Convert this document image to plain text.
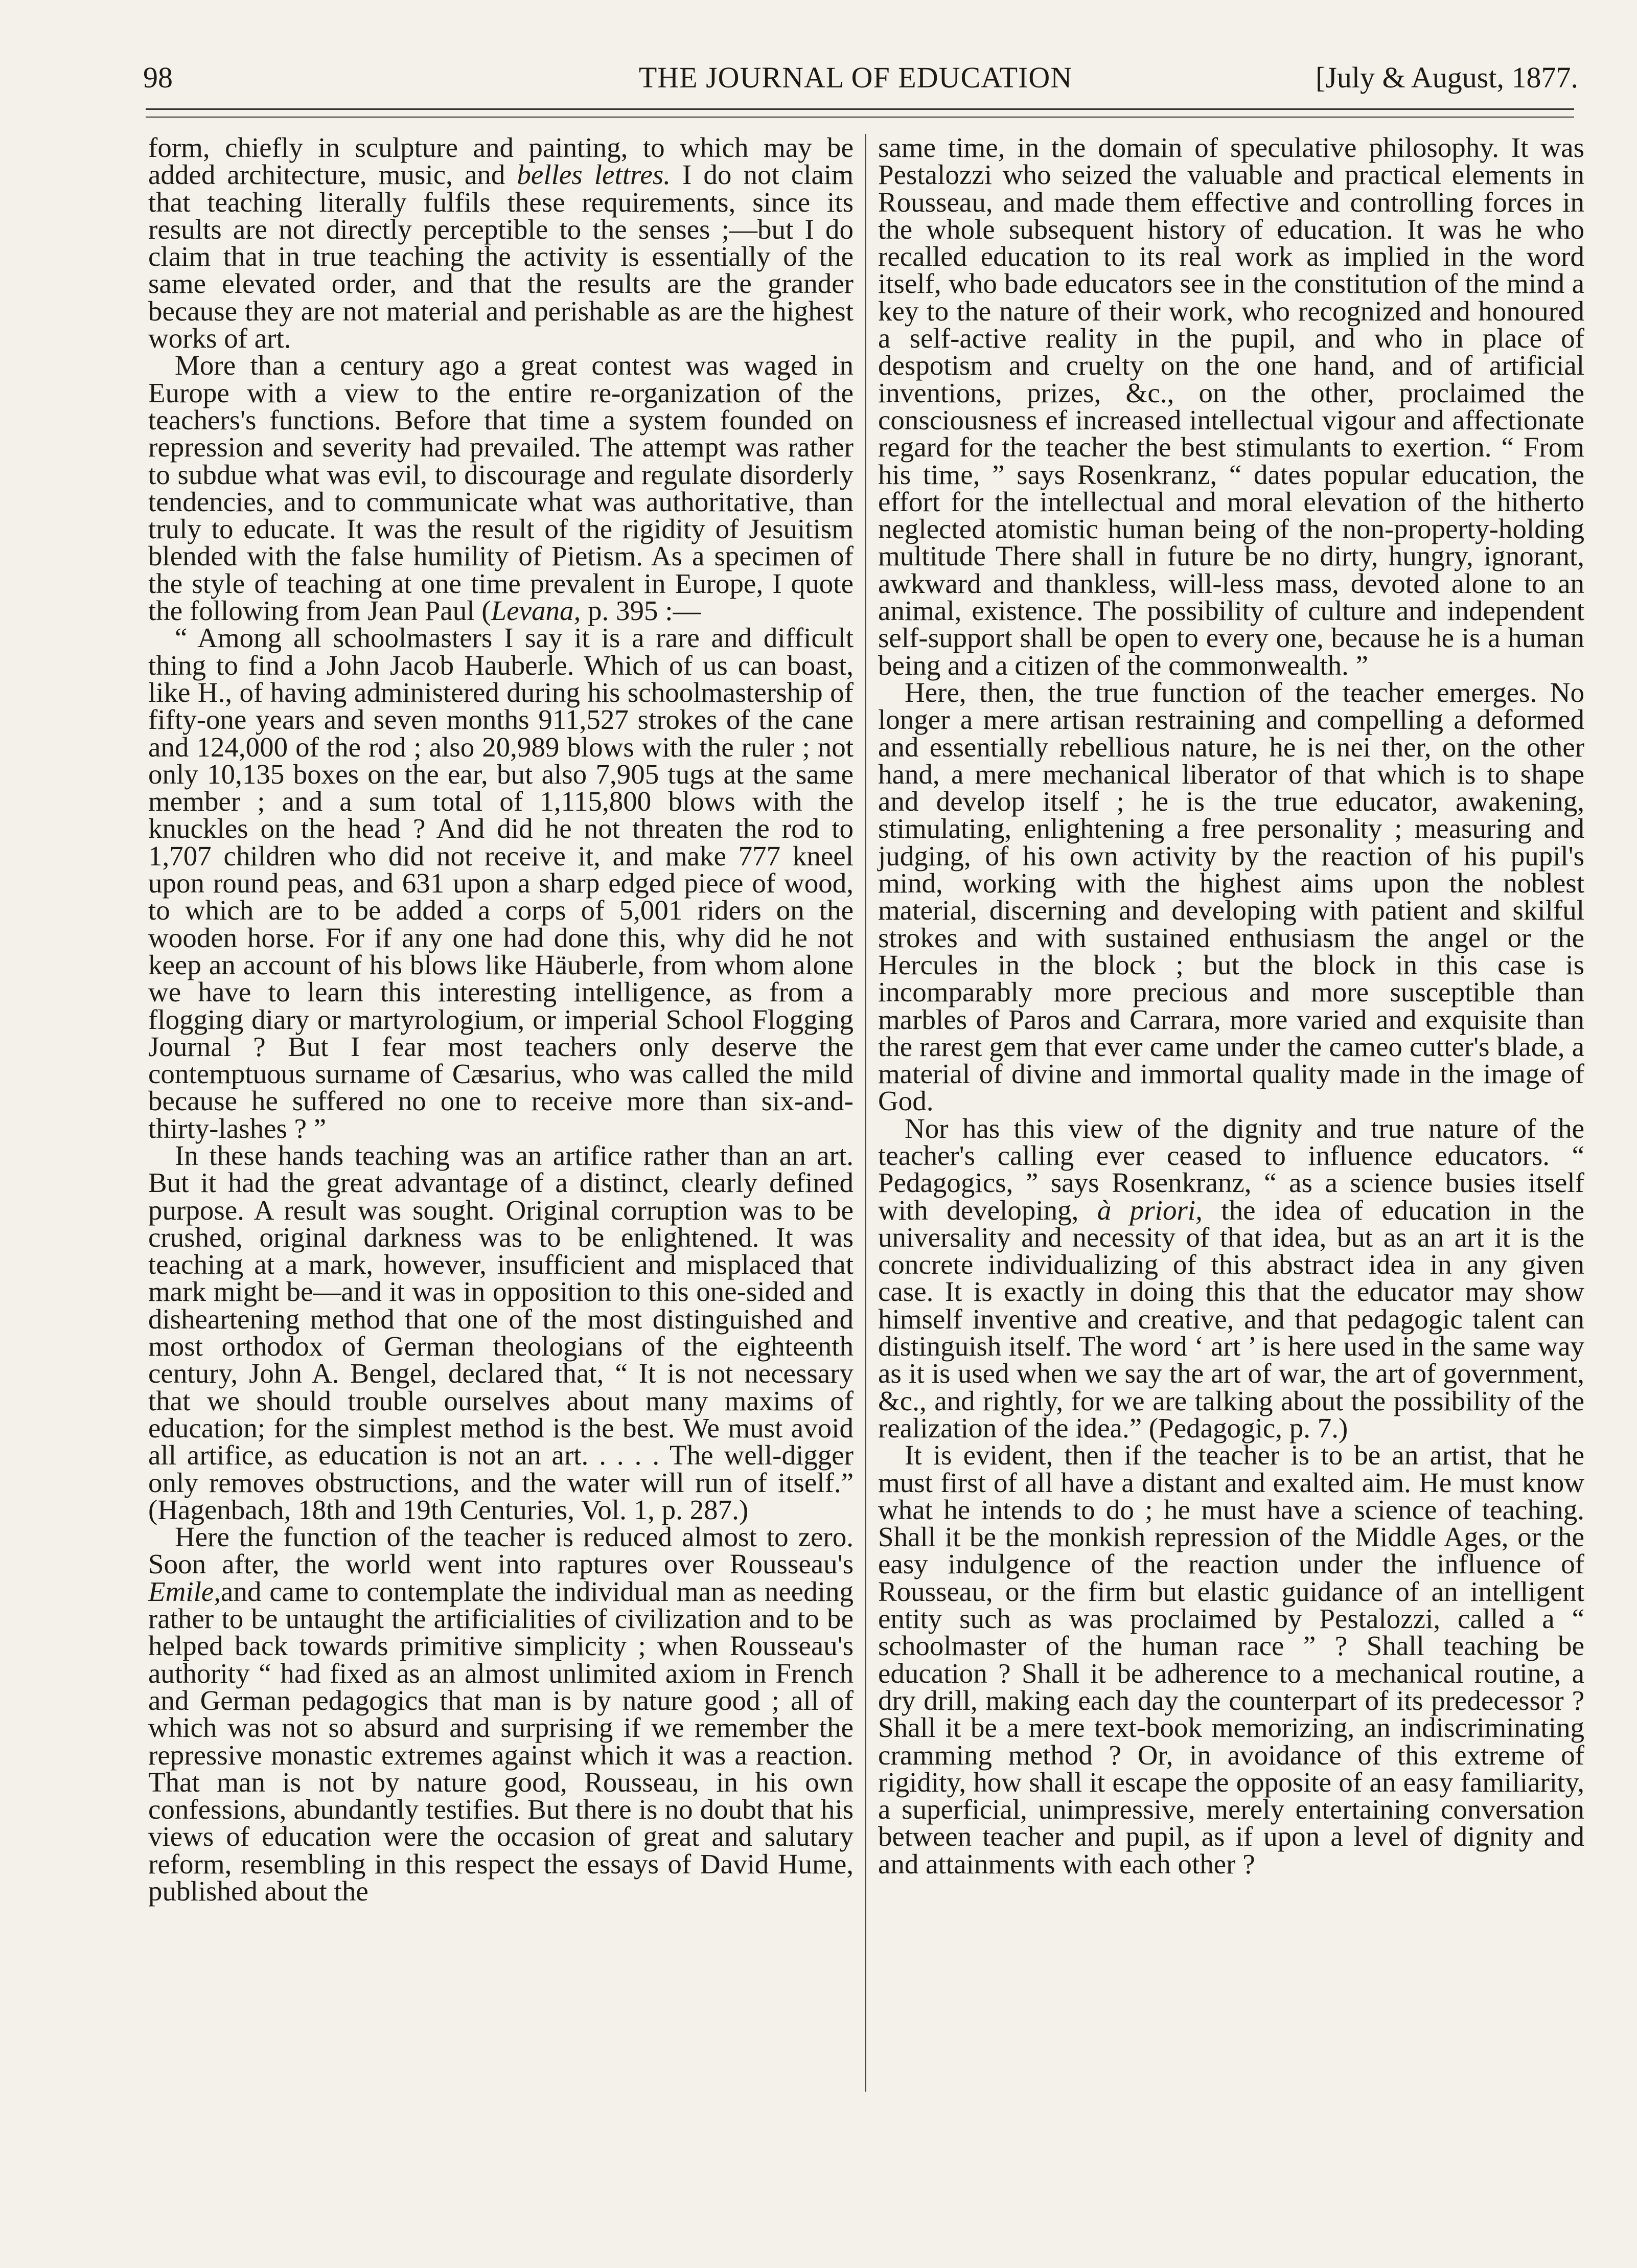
98	THE JOURNAL OF EDUCATION	[July & August, 1877.

form, chiefly in sculpture and painting, to which may be added architecture, music, and belles lettres. I do not claim that teaching literally fulfils these requirements, since its results are not directly perceptible to the senses ;—but I do claim that in true teaching the activity is essentially of the same elevated order, and that the results are the grander because they are not material and perishable as are the highest works of art.

More than a century ago a great contest was waged in Europe with a view to the entire re-organization of the teachers's functions. Before that time a system founded on repression and severity had prevailed. The attempt was rather to subdue what was evil, to discourage and regulate disorderly tendencies, and to communicate what was authoritative, than truly to educate. It was the result of the rigidity of Jesuitism blended with the false humility of Pietism. As a specimen of the style of teaching at one time prevalent in Europe, I quote the following from Jean Paul (Levana, p. 395 :—

“ Among all schoolmasters I say it is a rare and difficult thing to find a John Jacob Hauberle. Which of us can boast, like H., of having administered during his schoolmastership of fifty-one years and seven months 911,527 strokes of the cane and 124,000 of the rod ; also 20,989 blows with the ruler ; not only 10,135 boxes on the ear, but also 7,905 tugs at the same member ; and a sum total of 1,115,800 blows with the knuckles on the head ? And did he not threaten the rod to 1,707 children who did not receive it, and make 777 kneel upon round peas, and 631 upon a sharp edged piece of wood, to which are to be added a corps of 5,001 riders on the wooden horse. For if any one had done this, why did he not keep an account of his blows like Häuberle, from whom alone we have to learn this interesting intelligence, as from a flogging diary or martyrologium, or imperial School Flogging Journal ? But I fear most teachers only deserve the contemptuous surname of Cæsarius, who was called the mild because he suffered no one to receive more than six-and-thirty-lashes ? ”

In these hands teaching was an artifice rather than an art. But it had the great advantage of a distinct, clearly defined purpose. A result was sought. Original corruption was to be crushed, original darkness was to be enlightened. It was teaching at a mark, however, insufficient and misplaced that mark might be—and it was in opposition to this one-sided and disheartening method that one of the most distinguished and most orthodox of German theologians of the eighteenth century, John A. Bengel, declared that, “ It is not necessary that we should trouble ourselves about many maxims of education; for the simplest method is the best. We must avoid all artifice, as education is not an art. . . . . The well-digger only removes obstructions, and the water will run of itself.” (Hagenbach, 18th and 19th Centuries, Vol. 1, p. 287.)

Here the function of the teacher is reduced almost to zero. Soon after, the world went into raptures over Rousseau's Emile,and came to contemplate the individual man as needing rather to be untaught the artificialities of civilization and to be helped back towards primitive simplicity ; when Rousseau's authority “ had fixed as an almost unlimited axiom in French and German pedagogics that man is by nature good ; all of which was not so absurd and surprising if we remember the repressive monastic extremes against which it was a reaction. That man is not by nature good, Rousseau, in his own confessions, abundantly testifies. But there is no doubt that his views of education were the occasion of great and salutary reform, resembling in this respect the essays of David Hume, published about the

same time, in the domain of speculative philosophy. It was Pestalozzi who seized the valuable and practical elements in Rousseau, and made them effective and controlling forces in the whole subsequent history of education. It was he who recalled education to its real work as implied in the word itself, who bade educators see in the constitution of the mind a key to the nature of their work, who recognized and honoured a self-active reality in the pupil, and who in place of despotism and cruelty on the one hand, and of artificial inventions, prizes, &c., on the other, proclaimed the consciousness ef increased intellectual vigour and affectionate regard for the teacher the best stimulants to exertion. “ From his time, ” says Rosenkranz, “ dates popular education, the effort for the intellectual and moral elevation of the hitherto neglected atomistic human being of the non-property-holding multitude There shall in future be no dirty, hungry, ignorant, awkward and thankless, will-less mass, devoted alone to an animal, existence. The possibility of culture and independent self-support shall be open to every one, because he is a human being and a citizen of the commonwealth. ”

Here, then, the true function of the teacher emerges. No longer a mere artisan restraining and compelling a deformed and essentially rebellious nature, he is nei ther, on the other hand, a mere mechanical liberator of that which is to shape and develop itself ; he is the true educator, awakening, stimulating, enlightening a free personality ; measuring and judging, of his own activity by the reaction of his pupil's mind, working with the highest aims upon the noblest material, discerning and developing with patient and skilful strokes and with sustained enthusiasm the angel or the Hercules in the block ; but the block in this case is incomparably more precious and more susceptible than marbles of Paros and Carrara, more varied and exquisite than the rarest gem that ever came under the cameo cutter's blade, a material of divine and immortal quality made in the image of God.

Nor has this view of the dignity and true nature of the teacher's calling ever ceased to influence educators. “ Pedagogics, ” says Rosenkranz, “ as a science busies itself with developing, à priori, the idea of education in the universality and necessity of that idea, but as an art it is the concrete individualizing of this abstract idea in any given case. It is exactly in doing this that the educator may show himself inventive and creative, and that pedagogic talent can distinguish itself. The word ‘ art ’ is here used in the same way as it is used when we say the art of war, the art of government, &c., and rightly, for we are talking about the possibility of the realization of the idea.” (Pedagogic, p. 7.)

It is evident, then if the teacher is to be an artist, that he must first of all have a distant and exalted aim. He must know what he intends to do ; he must have a science of teaching. Shall it be the monkish repression of the Middle Ages, or the easy indulgence of the reaction under the influence of Rousseau, or the firm but elastic guidance of an intelligent entity such as was proclaimed by Pestalozzi, called a “ schoolmaster of the human race ” ? Shall teaching be education ? Shall it be adherence to a mechanical routine, a dry drill, making each day the counterpart of its predecessor ? Shall it be a mere text-book memorizing, an indiscriminating cramming method ? Or, in avoidance of this extreme of rigidity, how shall it escape the opposite of an easy familiarity, a superficial, unimpressive, merely entertaining conversation between teacher and pupil, as if upon a level of dignity and and attainments with each other ?
